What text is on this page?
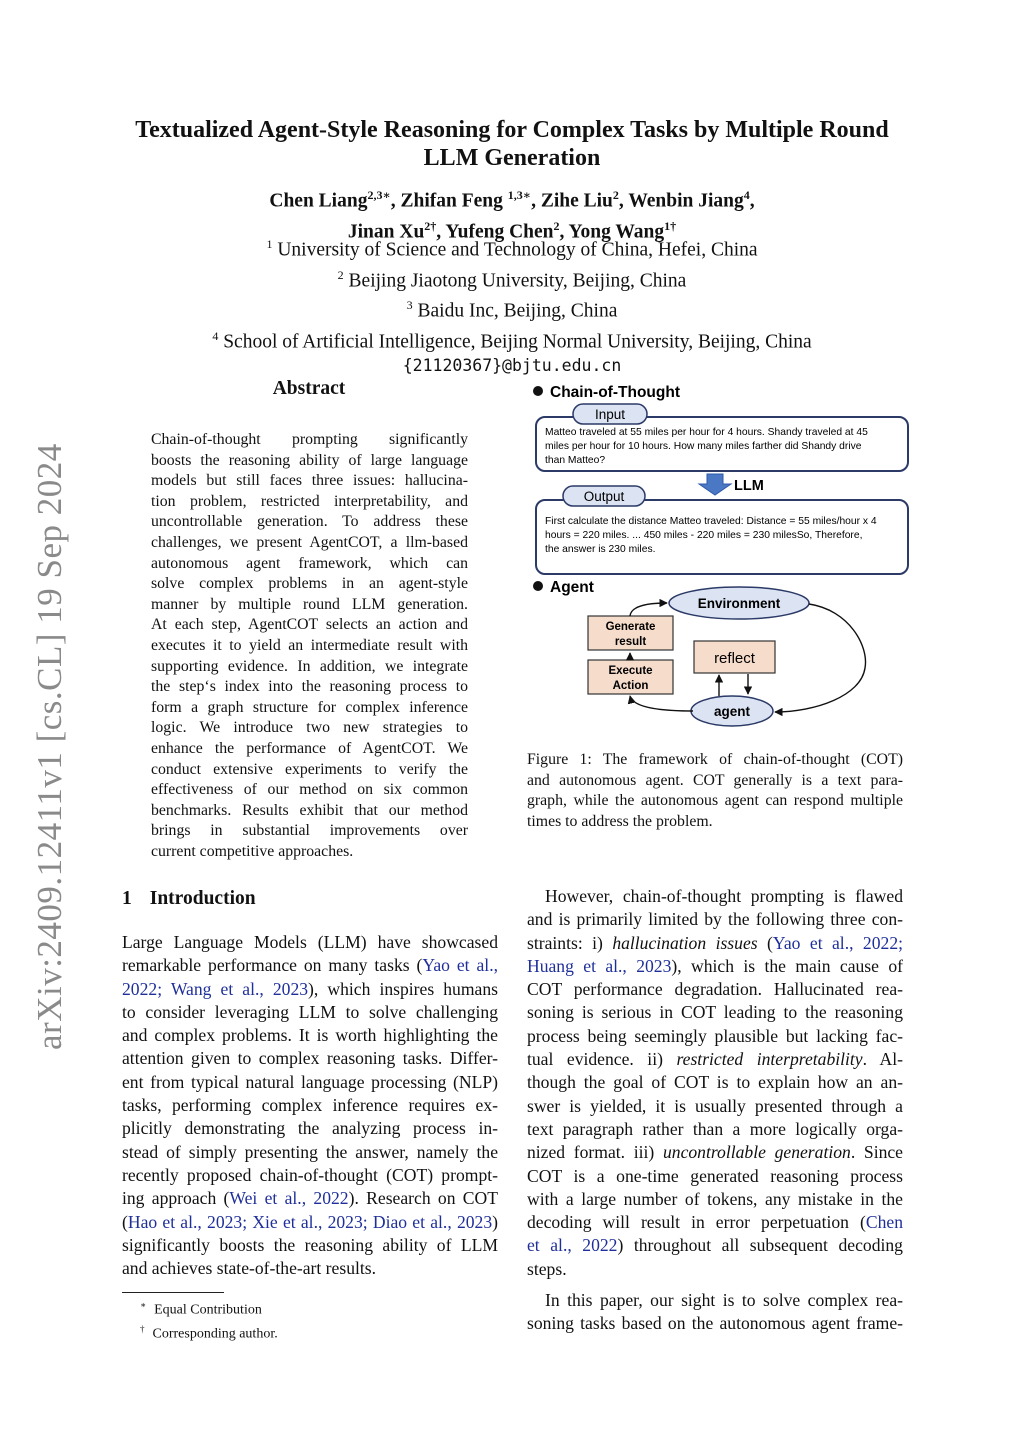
arXiv:2409.12411v1 [cs.CL] 19 Sep 2024
Textualized Agent-Style Reasoning for Complex Tasks by Multiple Round
LLM Generation
Chen Liang$^{2,3∗}$, Zhifan Feng $^{1,3∗}$, Zihe Liu$^2$, Wenbin Jiang$^4$,
Jinan $Xu^{2\dagger}$, Yufeng Chen$^2$, Yong Wang$^{1\dagger}$
$^1$ University of Science and Technology of China, Hefei, China
$^2$ Beijing Jiaotong University, Beijing, China
$^3$ Baidu Inc, Beijing, China
$^4$ School of Artificial Intelligence, Beijing Normal University, Beijing, China
{21120367}@bjtu.edu.cn
Abstract
Chain-of-thought prompting significantly
boosts the reasoning ability of large language
models but still faces three issues: hallucina-
tion problem, restricted interpretability, and
uncontrollable generation. To address these
challenges, we present AgentCOT, a llm-based
autonomous agent framework, which can
solve complex problems in an agent-style
manner by multiple round LLM generation.
At each step, AgentCOT selects an action and
executes it to yield an intermediate result with
supporting evidence. In addition, we integrate
the step‘s index into the reasoning process to
form a graph structure for complex inference
logic. We introduce two new strategies to
enhance the performance of AgentCOT. We
conduct extensive experiments to verify the
effectiveness of our method on six common
benchmarks. Results exhibit that our method
brings in substantial improvements over
current competitive approaches.
Chain-of-Thought
Input
Matteo traveled at 55 miles per hour for 4 hours. Shandy traveled at 45
miles per hour for 10 hours. How many miles farther did Shandy drive
than Matteo?
LLM
Output
First calculate the distance Matteo traveled: Distance = 55 miles/hour x 4
hours = 220 miles. ... 450 miles - 220 miles = 230 milesSo, Therefore,
the answer is 230 miles.
Agent
Environment
Generate
result
Execute
Action
reflect
agent
Figure 1: The framework of chain-of-thought (COT)
and autonomous agent. COT generally is a text para-
graph, while the autonomous agent can respond multiple
times to address the problem.
1 Introduction
Large Language Models (LLM) have showcased
remarkable performance on many tasks (Yao et al.,
2022; Wang et al., 2023), which inspires humans
to consider leveraging LLM to solve challenging
and complex problems. It is worth highlighting the
attention given to complex reasoning tasks. Differ-
ent from typical natural language processing (NLP)
tasks, performing complex inference requires ex-
plicitly demonstrating the analyzing process in-
stead of simply presenting the answer, namely the
recently proposed chain-of-thought (COT) prompt-
ing approach (Wei et al., 2022). Research on COT
(Hao et al., 2023; Xie et al., 2023; Diao et al., 2023)
significantly boosts the reasoning ability of LLM
and achieves state-of-the-art results.
∗ Equal Contribution
† Corresponding author.
However, chain-of-thought prompting is flawed
and is primarily limited by the following three con-
straints: i) hallucination issues (Yao et al., 2022;
Huang et al., 2023), which is the main cause of
COT performance degradation. Hallucinated rea-
soning is serious in COT leading to the reasoning
process being seemingly plausible but lacking fac-
tual evidence. ii) restricted interpretability. Al-
though the goal of COT is to explain how an an-
swer is yielded, it is usually presented through a
text paragraph rather than a more logically orga-
nized format. iii) uncontrollable generation. Since
COT is a one-time generated reasoning process
with a large number of tokens, any mistake in the
decoding will result in error perpetuation (Chen
et al., 2022) throughout all subsequent decoding
steps.
In this paper, our sight is to solve complex rea-
soning tasks based on the autonomous agent frame-
